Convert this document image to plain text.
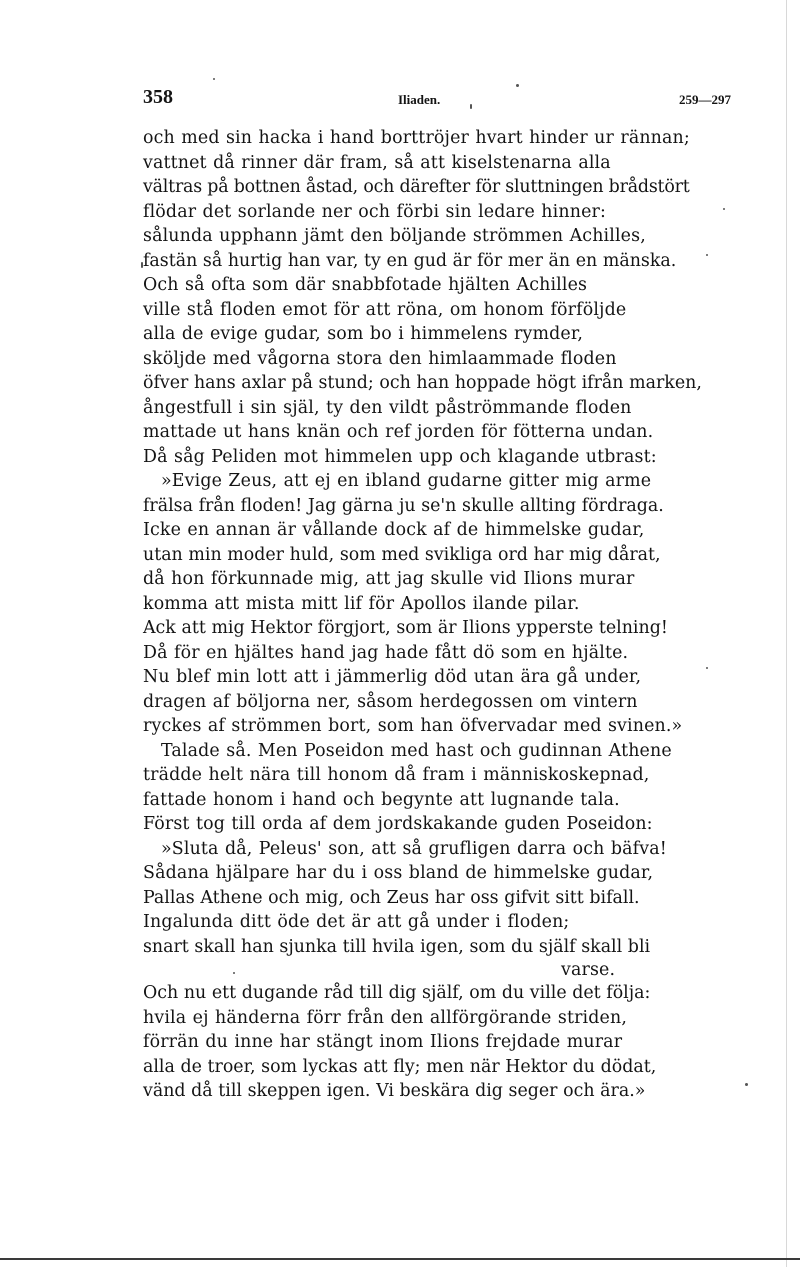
358	Iliaden.	259—297
och med sin hacka i hand borttröjer hvart hinder ur rännan;
vattnet då rinner där fram, så att kiselstenarna alla
vältras på bottnen åstad, och därefter för sluttningen brådstört
flödar det sorlande ner och förbi sin ledare hinner:
sålunda upphann jämt den böljande strömmen Achilles,
fastän så hurtig han var, ty en gud är för mer än en mänska.
Och så ofta som där snabbfotade hjälten Achilles
ville stå floden emot för att röna, om honom förföljde
alla de evige gudar, som bo i himmelens rymder,
sköljde med vågorna stora den himlaammade floden
öfver hans axlar på stund; och han hoppade högt ifrån marken,
ångestfull i sin själ, ty den vildt påströmmande floden
mattade ut hans knän och ref jorden för fötterna undan.
Då såg Peliden mot himmelen upp och klagande utbrast:
»Evige Zeus, att ej en ibland gudarne gitter mig arme
frälsa från floden! Jag gärna ju se'n skulle allting fördraga.
Icke en annan är vållande dock af de himmelske gudar,
utan min moder huld, som med svikliga ord har mig dårat,
då hon förkunnade mig, att jag skulle vid Ilions murar
komma att mista mitt lif för Apollos ilande pilar.
Ack att mig Hektor förgjort, som är Ilions ypperste telning!
Då för en hjältes hand jag hade fått dö som en hjälte.
Nu blef min lott att i jämmerlig död utan ära gå under,
dragen af böljorna ner, såsom herdegossen om vintern
ryckes af strömmen bort, som han öfvervadar med svinen.»
Talade så. Men Poseidon med hast och gudinnan Athene
trädde helt nära till honom då fram i människoskepnad,
fattade honom i hand och begynte att lugnande tala.
Först tog till orda af dem jordskakande guden Poseidon:
»Sluta då, Peleus' son, att så grufligen darra och bäfva!
Sådana hjälpare har du i oss bland de himmelske gudar,
Pallas Athene och mig, och Zeus har oss gifvit sitt bifall.
Ingalunda ditt öde det är att gå under i floden;
snart skall han sjunka till hvila igen, som du själf skall bli
varse.
Och nu ett dugande råd till dig själf, om du ville det följa:
hvila ej händerna förr från den allförgörande striden,
förrän du inne har stängt inom Ilions frejdade murar
alla de troer, som lyckas att fly; men när Hektor du dödat,
vänd då till skeppen igen. Vi beskära dig seger och ära.»
